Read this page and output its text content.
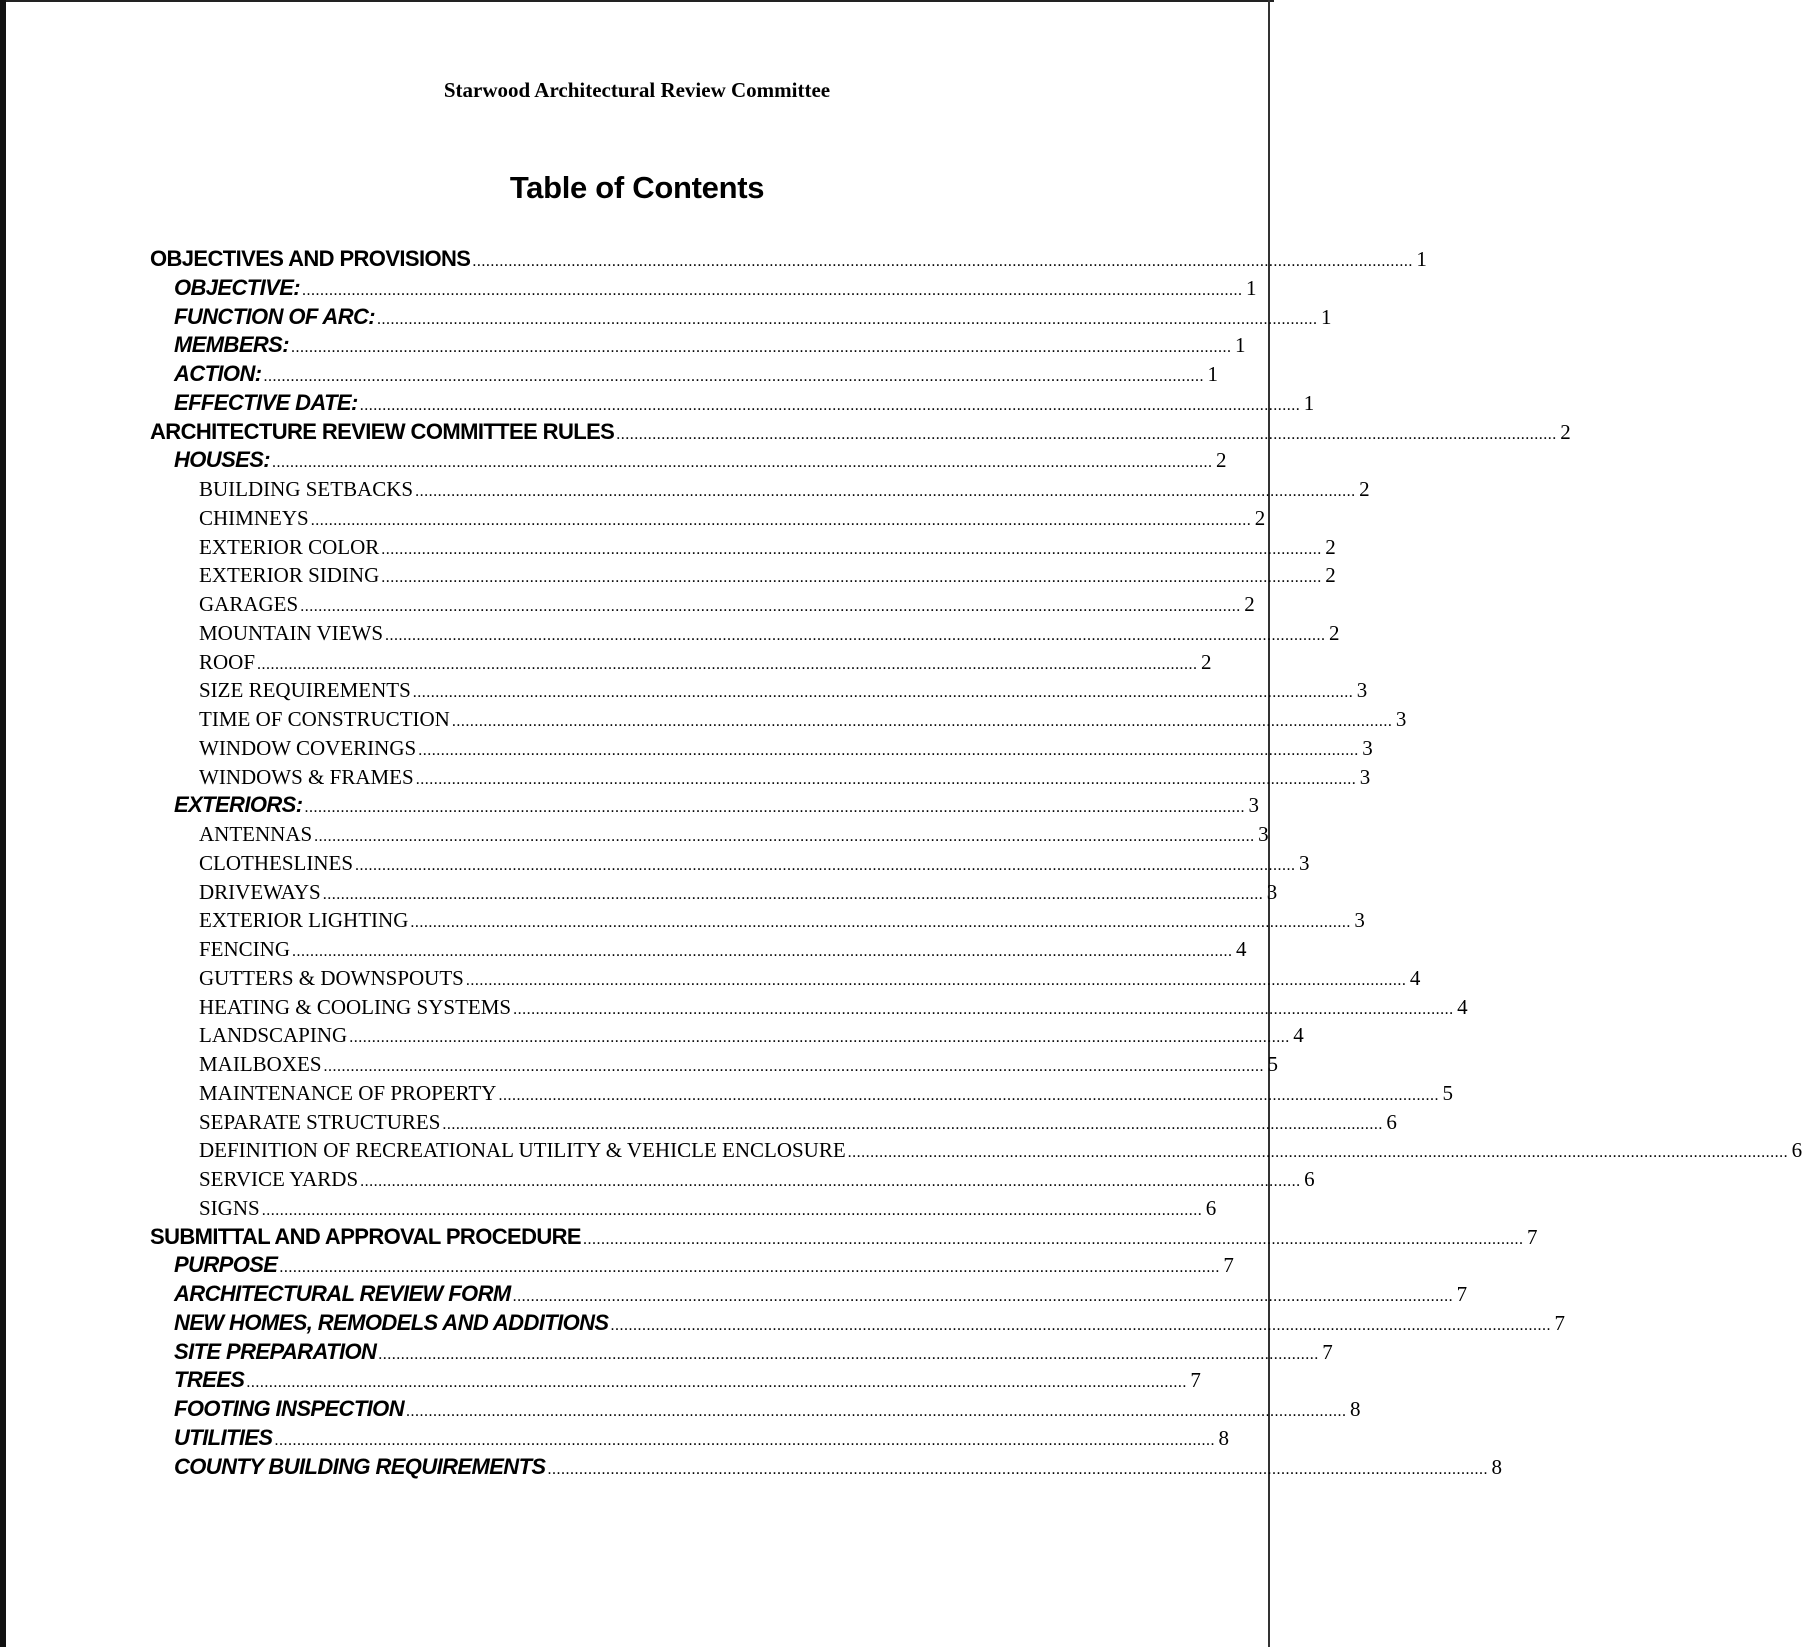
Starwood Architectural Review Committee
Table of Contents
OBJECTIVES AND PROVISIONS ................................................................................................................................................................................................................. 1
OBJECTIVE: ................................................................................................................................................................................................................. 1
FUNCTION OF ARC: ................................................................................................................................................................................................................. 1
MEMBERS: ................................................................................................................................................................................................................. 1
ACTION: ................................................................................................................................................................................................................. 1
EFFECTIVE DATE: ................................................................................................................................................................................................................. 1
ARCHITECTURE REVIEW COMMITTEE RULES ................................................................................................................................................................................................................. 2
HOUSES: ................................................................................................................................................................................................................. 2
BUILDING SETBACKS ................................................................................................................................................................................................................. 2
CHIMNEYS ................................................................................................................................................................................................................. 2
EXTERIOR COLOR ................................................................................................................................................................................................................. 2
EXTERIOR SIDING ................................................................................................................................................................................................................. 2
GARAGES ................................................................................................................................................................................................................. 2
MOUNTAIN VIEWS ................................................................................................................................................................................................................. 2
ROOF ................................................................................................................................................................................................................. 2
SIZE REQUIREMENTS ................................................................................................................................................................................................................. 3
TIME OF CONSTRUCTION ................................................................................................................................................................................................................. 3
WINDOW COVERINGS ................................................................................................................................................................................................................. 3
WINDOWS & FRAMES ................................................................................................................................................................................................................. 3
EXTERIORS: ................................................................................................................................................................................................................. 3
ANTENNAS ................................................................................................................................................................................................................. 3
CLOTHESLINES ................................................................................................................................................................................................................. 3
DRIVEWAYS ................................................................................................................................................................................................................. 3
EXTERIOR LIGHTING ................................................................................................................................................................................................................. 3
FENCING ................................................................................................................................................................................................................. 4
GUTTERS & DOWNSPOUTS ................................................................................................................................................................................................................. 4
HEATING & COOLING SYSTEMS ................................................................................................................................................................................................................. 4
LANDSCAPING ................................................................................................................................................................................................................. 4
MAILBOXES ................................................................................................................................................................................................................. 5
MAINTENANCE OF PROPERTY ................................................................................................................................................................................................................. 5
SEPARATE STRUCTURES ................................................................................................................................................................................................................. 6
DEFINITION OF RECREATIONAL UTILITY & VEHICLE ENCLOSURE ................................................................................................................................................................................................................. 6
SERVICE YARDS ................................................................................................................................................................................................................. 6
SIGNS ................................................................................................................................................................................................................. 6
SUBMITTAL AND APPROVAL PROCEDURE ................................................................................................................................................................................................................. 7
PURPOSE ................................................................................................................................................................................................................. 7
ARCHITECTURAL REVIEW FORM ................................................................................................................................................................................................................. 7
NEW HOMES, REMODELS AND ADDITIONS ................................................................................................................................................................................................................. 7
SITE PREPARATION ................................................................................................................................................................................................................. 7
TREES ................................................................................................................................................................................................................. 7
FOOTING INSPECTION ................................................................................................................................................................................................................. 8
UTILITIES ................................................................................................................................................................................................................. 8
COUNTY BUILDING REQUIREMENTS ................................................................................................................................................................................................................. 8
